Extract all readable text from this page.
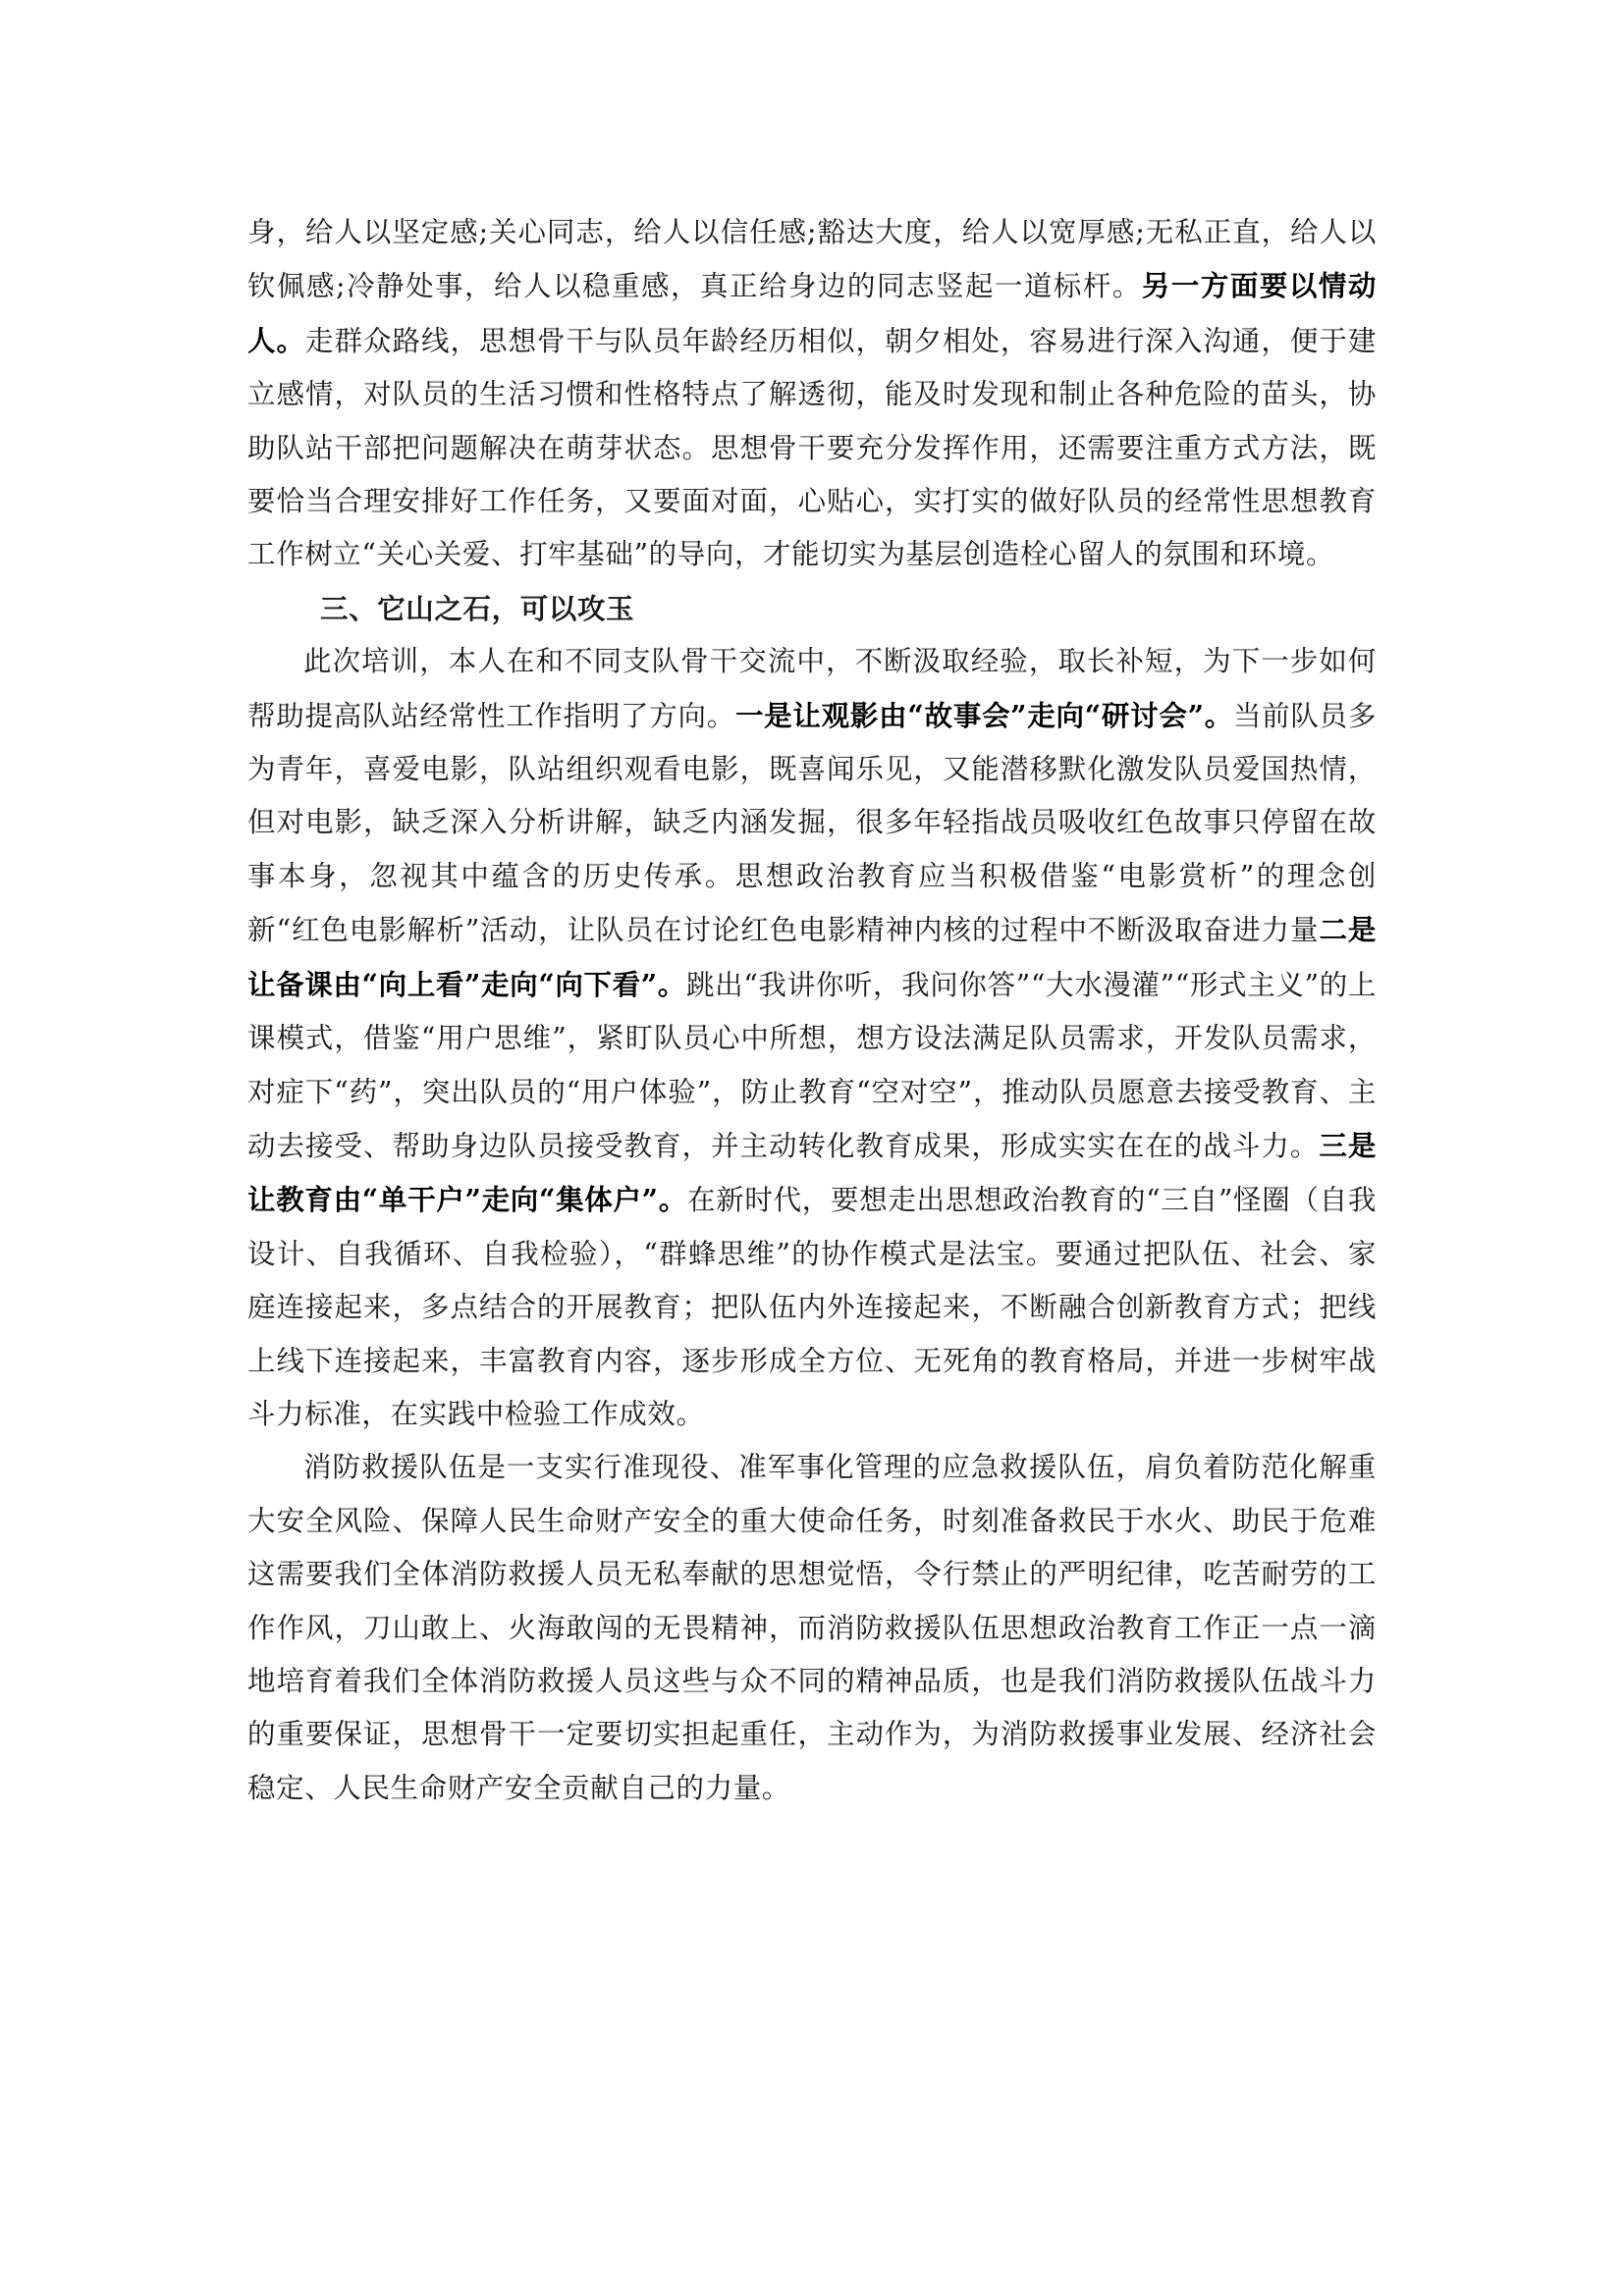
身，给人以坚定感;关心同志，给人以信任感;豁达大度，给人以宽厚感;无私正直，给人以钦佩感;冷静处事，给人以稳重感，真正给身边的同志竖起一道标杆。另一方面要以情动人。走群众路线，思想骨干与队员年龄经历相似，朝夕相处，容易进行深入沟通，便于建立感情，对队员的生活习惯和性格特点了解透彻，能及时发现和制止各种危险的苗头，协助队站干部把问题解决在萌芽状态。思想骨干要充分发挥作用，还需要注重方式方法，既要恰当合理安排好工作任务，又要面对面，心贴心，实打实的做好队员的经常性思想教育工作树立“关心关爱、打牢基础”的导向，才能切实为基层创造栓心留人的氛围和环境。

三、它山之石，可以攻玉

此次培训，本人在和不同支队骨干交流中，不断汲取经验，取长补短，为下一步如何帮助提高队站经常性工作指明了方向。一是让观影由“故事会”走向“研讨会”。当前队员多为青年，喜爱电影，队站组织观看电影，既喜闻乐见，又能潜移默化激发队员爱国热情，但对电影，缺乏深入分析讲解，缺乏内涵发掘，很多年轻指战员吸收红色故事只停留在故事本身，忽视其中蕴含的历史传承。思想政治教育应当积极借鉴“电影赏析”的理念创新“红色电影解析”活动，让队员在讨论红色电影精神内核的过程中不断汲取奋进力量二是让备课由“向上看”走向“向下看”。跳出“我讲你听，我问你答”“大水漫灌”“形式主义”的上课模式，借鉴“用户思维”，紧盯队员心中所想，想方设法满足队员需求，开发队员需求，对症下“药”，突出队员的“用户体验”，防止教育“空对空”，推动队员愿意去接受教育、主动去接受、帮助身边队员接受教育，并主动转化教育成果，形成实实在在的战斗力。三是让教育由“单干户”走向“集体户”。在新时代，要想走出思想政治教育的“三自”怪圈（自我设计、自我循环、自我检验），“群蜂思维”的协作模式是法宝。要通过把队伍、社会、家庭连接起来，多点结合的开展教育；把队伍内外连接起来，不断融合创新教育方式；把线上线下连接起来，丰富教育内容，逐步形成全方位、无死角的教育格局，并进一步树牢战斗力标准，在实践中检验工作成效。

消防救援队伍是一支实行准现役、准军事化管理的应急救援队伍，肩负着防范化解重大安全风险、保障人民生命财产安全的重大使命任务，时刻准备救民于水火、助民于危难这需要我们全体消防救援人员无私奉献的思想觉悟，令行禁止的严明纪律，吃苦耐劳的工作作风，刀山敢上、火海敢闯的无畏精神，而消防救援队伍思想政治教育工作正一点一滴地培育着我们全体消防救援人员这些与众不同的精神品质，也是我们消防救援队伍战斗力的重要保证，思想骨干一定要切实担起重任，主动作为，为消防救援事业发展、经济社会稳定、人民生命财产安全贡献自己的力量。
